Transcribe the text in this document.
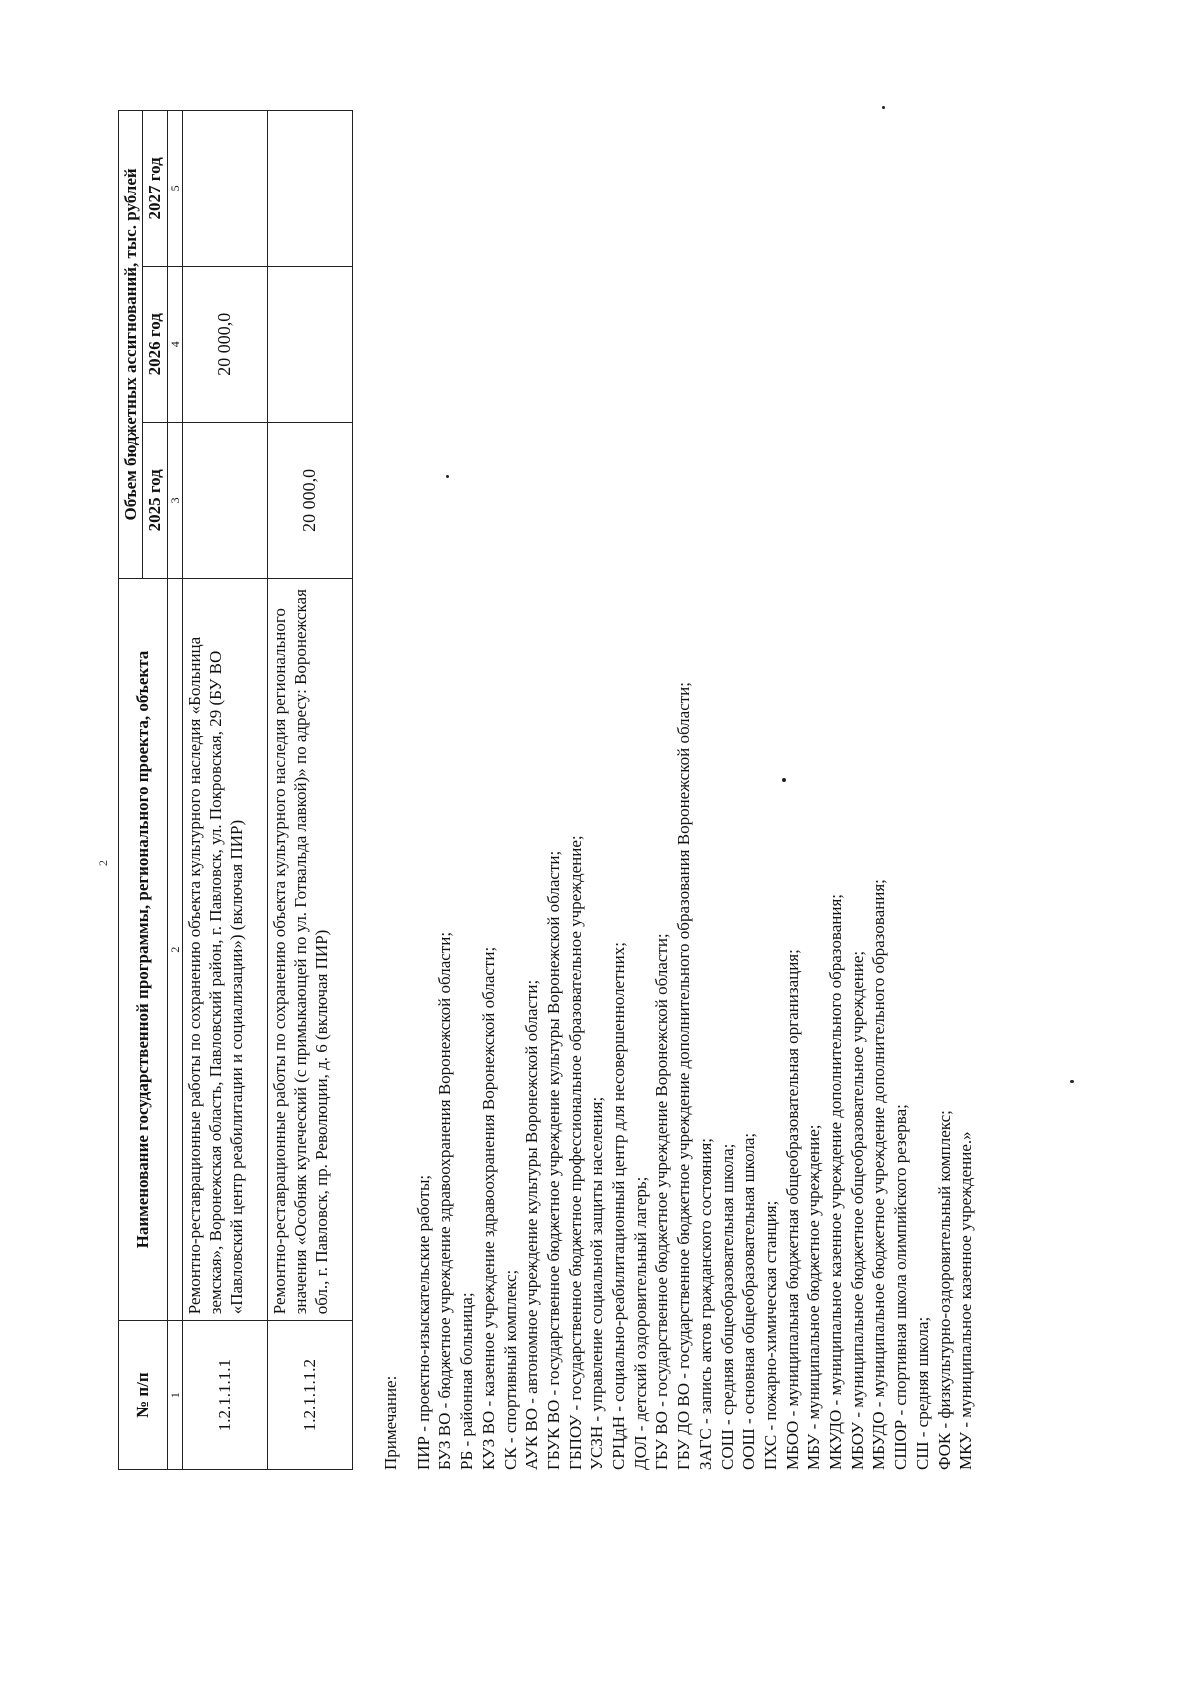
2
№ п/п	Наименование государственной программы, регионального проекта, объекта	Объем бюджетных ассигнований, тыс. рублей		
		2025 год	2026 год	2027 год
1	2	3	4	5
1.2.1.1.1.1	Ремонтно-реставрационные работы по сохранению объекта культурного наследия «Больница земская», Воронежская область, Павловский район, г. Павловск, ул. Покровская, 29 (БУ ВО «Павловский центр реабилитации и социализации») (включая ПИР)		20 000,0	
1.2.1.1.1.2	Ремонтно-реставрационные работы по сохранению объекта культурного наследия регионального значения «Особняк купеческий (с примыкающей по ул. Готвальда лавкой)» по адресу: Воронежская обл., г. Павловск, пр. Революции, д. 6 (включая ПИР)	20 000,0		
Примечание: ПИР - проектно-изыскательские работы; БУЗ ВО - бюджетное учреждение здравоохранения Воронежской области; РБ - районная больница; КУЗ ВО - казенное учреждение здравоохранения Воронежской области; СК - спортивный комплекс; АУК ВО - автономное учреждение культуры Воронежской области; ГБУК ВО - государственное бюджетное учреждение культуры Воронежской области; ГБПОУ - государственное бюджетное профессиональное образовательное учреждение; УСЗН - управление социальной защиты населения; СРЦдН - социально-реабилитационный центр для несовершеннолетних; ДОЛ - детский оздоровительный лагерь; ГБУ ВО - государственное бюджетное учреждение Воронежской области; ГБУ ДО ВО - государственное бюджетное учреждение дополнительного образования Воронежской области; ЗАГС - запись актов гражданского состояния; СОШ - средняя общеобразовательная школа; ООШ - основная общеобразовательная школа; ПХС - пожарно-химическая станция; МБОО - муниципальная бюджетная общеобразовательная организация; МБУ - муниципальное бюджетное учреждение; МКУДО - муниципальное казенное учреждение дополнительного образования; МБОУ - муниципальное бюджетное общеобразовательное учреждение; МБУДО - муниципальное бюджетное учреждение дополнительного образования; СШОР - спортивная школа олимпийского резерва; СШ - средняя школа; ФОК - физкультурно-оздоровительный комплекс; МКУ - муниципальное казенное учреждение.»
